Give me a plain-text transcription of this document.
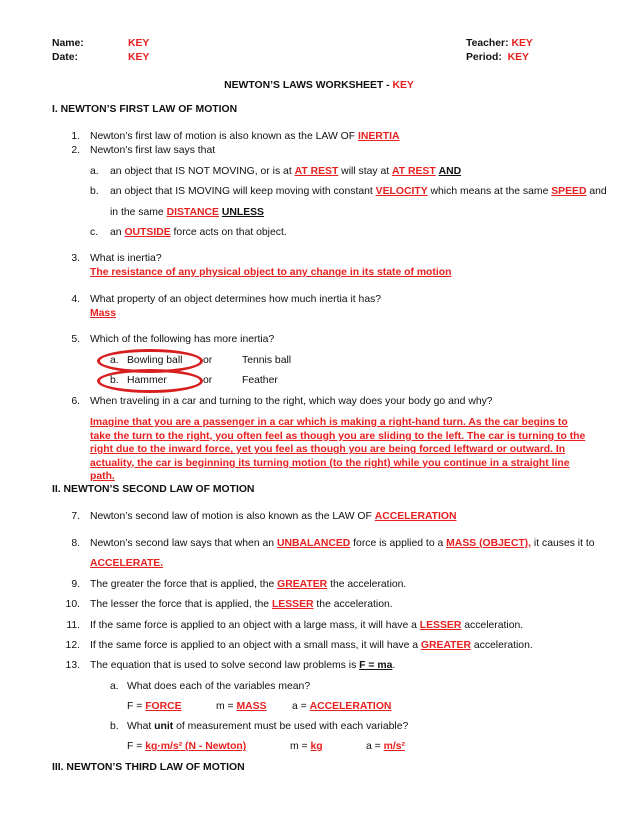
Name:	KEY
Date:	KEY
Teacher: KEY
Period: KEY
NEWTON’S LAWS WORKSHEET - KEY
I. NEWTON’S FIRST LAW OF MOTION
1. Newton’s first law of motion is also known as the LAW OF INERTIA
2. Newton’s first law says that
a. an object that IS NOT MOVING, or is at AT REST will stay at AT REST AND
b. an object that IS MOVING will keep moving with constant VELOCITY which means at the same SPEED and
in the same DISTANCE UNLESS
c. an OUTSIDE force acts on that object.
3. What is inertia?
The resistance of any physical object to any change in its state of motion
4. What property of an object determines how much inertia it has?
Mass
5. Which of the following has more inertia?
a. Bowling ball or	Tennis ball
b. Hammer	or	Feather
6. When traveling in a car and turning to the right, which way does your body go and why?
Imagine that you are a passenger in a car which is making a right-hand turn. As the car begins to take the turn to the right, you often feel as though you are sliding to the left. The car is turning to the right due to the inward force, yet you feel as though you are being forced leftward or outward. In actuality, the car is beginning its turning motion (to the right) while you continue in a straight line path.
II. NEWTON’S SECOND LAW OF MOTION
7. Newton’s second law of motion is also known as the LAW OF ACCELERATION
8. Newton’s second law says that when an UNBALANCED force is applied to a MASS (OBJECT), it causes it to
ACCELERATE.
9. The greater the force that is applied, the GREATER the acceleration.
10. The lesser the force that is applied, the LESSER the acceleration.
11. If the same force is applied to an object with a large mass, it will have a LESSER acceleration.
12. If the same force is applied to an object with a small mass, it will have a GREATER acceleration.
13. The equation that is used to solve second law problems is F = ma.
a. What does each of the variables mean?
F = FORCE	m = MASS a = ACCELERATION
b. What unit of measurement must be used with each variable?
F = kg·m/s² (N - Newton)	m = kg	a = m/s²
III. NEWTON’S THIRD LAW OF MOTION
